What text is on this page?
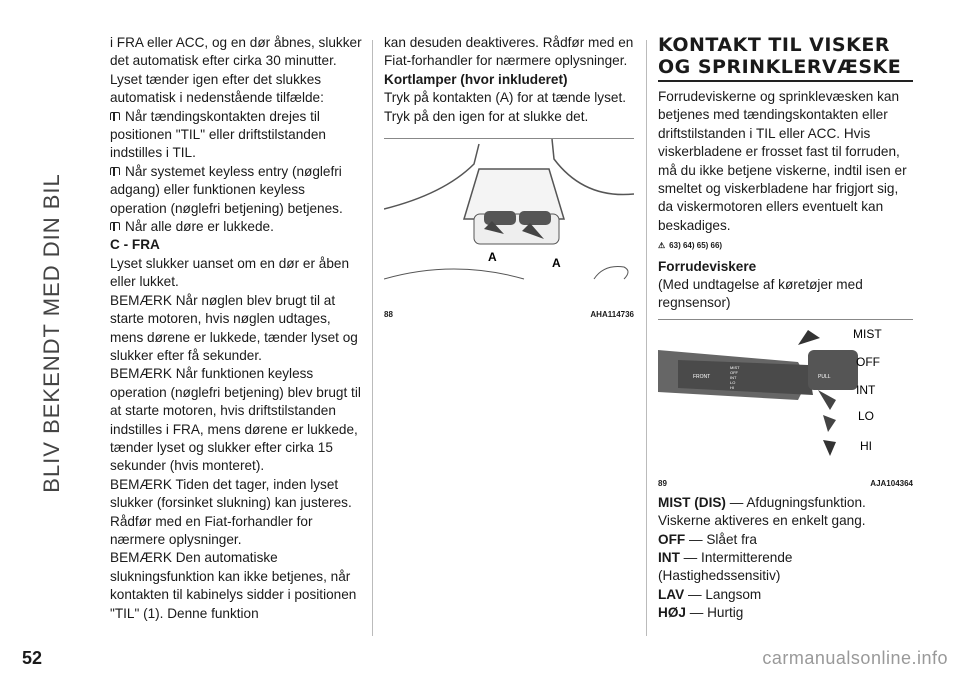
BLIV BEKENDT MED DIN BIL

i FRA eller ACC, og en dør åbnes, slukker det automatisk efter cirka 30 minutter. Lyset tænder igen efter det slukkes automatisk i nedenstående tilfælde:

Når tændingskontakten drejes til positionen "TIL" eller driftstilstanden indstilles i TIL.

Når systemet keyless entry (nøglefri adgang) eller funktionen keyless operation (nøglefri betjening) betjenes.

Når alle døre er lukkede.

C - FRA

Lyset slukker uanset om en dør er åben eller lukket.

BEMÆRK Når nøglen blev brugt til at starte motoren, hvis nøglen udtages, mens dørene er lukkede, tænder lyset og slukker efter få sekunder.

BEMÆRK Når funktionen keyless operation (nøglefri betjening) blev brugt til at starte motoren, hvis driftstilstanden indstilles i FRA, mens dørene er lukkede, tænder lyset og slukker efter cirka 15 sekunder (hvis monteret).

BEMÆRK Tiden det tager, inden lyset slukker (forsinket slukning) kan justeres. Rådfør med en Fiat-forhandler for nærmere oplysninger.

BEMÆRK Den automatiske slukningsfunktion kan ikke betjenes, når kontakten til kabinelys sidder i positionen "TIL" (1). Denne funktion

kan desuden deaktiveres. Rådfør med en Fiat-forhandler for nærmere oplysninger.

Kortlamper (hvor inkluderet)

Tryk på kontakten (A) for at tænde lyset. Tryk på den igen for at slukke det.

A	A
88	AHA114736
KONTAKT TIL VISKER OG SPRINKLERVÆSKE

Forrudeviskerne og sprinklevæsken kan betjenes med tændingskontakten eller driftstilstanden i TIL eller ACC. Hvis viskerbladene er frosset fast til forruden, må du ikke betjene viskerne, indtil isen er smeltet og viskerbladene har frigjort sig, da viskermotoren ellers eventuelt kan beskadiges.

⚠ 63) 64) 65) 66)

Forrudeviskere

(Med undtagelse af køretøjer med regnsensor)

FRONT
MIST
OFF
INT
LO
HI
PULL
MIST
OFF
INT
LO
HI
89	AJA104364

MIST (DIS) — Afdugningsfunktion.

Viskerne aktiveres en enkelt gang.

OFF — Slået fra

INT — Intermitterende

(Hastighedssensitiv)

LAV — Langsom

HØJ — Hurtig

52	carmanualsonline.info
